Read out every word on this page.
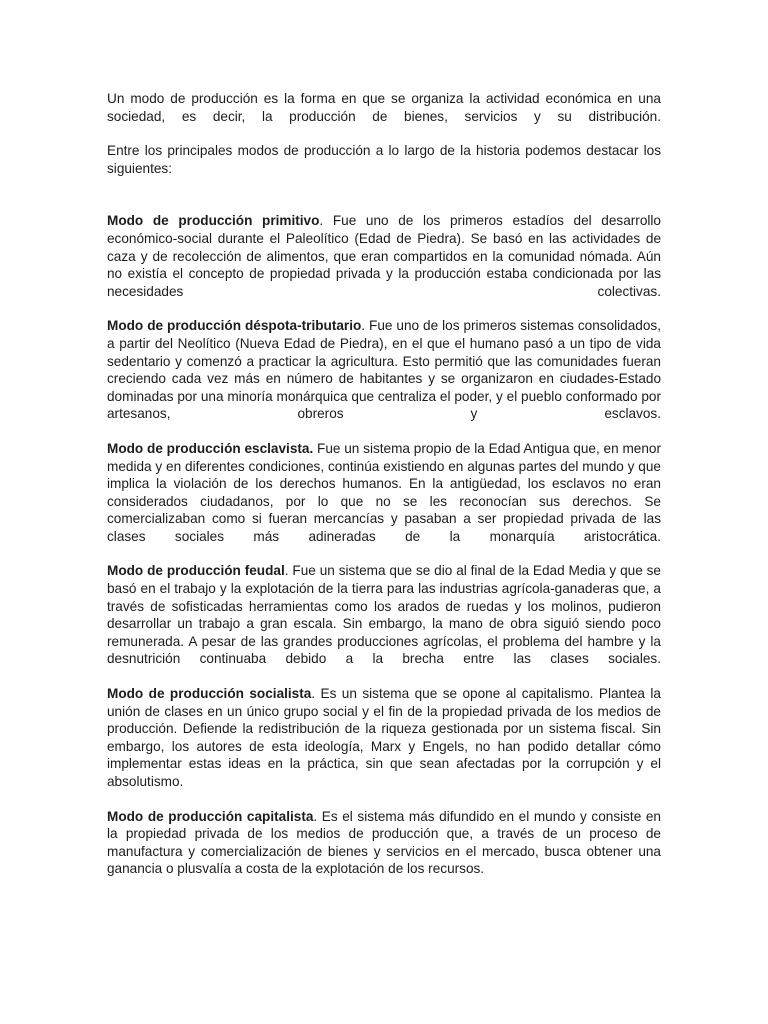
Un modo de producción es la forma en que se organiza la actividad económica en una sociedad, es decir, la producción de bienes, servicios y su distribución.

Entre los principales modos de producción a lo largo de la historia podemos destacar los siguientes:

Modo de producción primitivo. Fue uno de los primeros estadíos del desarrollo económico-social durante el Paleolítico (Edad de Piedra). Se basó en las actividades de caza y de recolección de alimentos, que eran compartidos en la comunidad nómada. Aún no existía el concepto de propiedad privada y la producción estaba condicionada por las necesidades colectivas.

Modo de producción déspota-tributario. Fue uno de los primeros sistemas consolidados, a partir del Neolítico (Nueva Edad de Piedra), en el que el humano pasó a un tipo de vida sedentario y comenzó a practicar la agricultura. Esto permitió que las comunidades fueran creciendo cada vez más en número de habitantes y se organizaron en ciudades-Estado dominadas por una minoría monárquica que centraliza el poder, y el pueblo conformado por artesanos, obreros y esclavos.

Modo de producción esclavista. Fue un sistema propio de la Edad Antigua que, en menor medida y en diferentes condiciones, continúa existiendo en algunas partes del mundo y que implica la violación de los derechos humanos. En la antigüedad, los esclavos no eran considerados ciudadanos, por lo que no se les reconocían sus derechos. Se comercializaban como si fueran mercancías y pasaban a ser propiedad privada de las clases sociales más adineradas de la monarquía aristocrática.

Modo de producción feudal. Fue un sistema que se dio al final de la Edad Media y que se basó en el trabajo y la explotación de la tierra para las industrias agrícola-ganaderas que, a través de sofisticadas herramientas como los arados de ruedas y los molinos, pudieron desarrollar un trabajo a gran escala. Sin embargo, la mano de obra siguió siendo poco remunerada. A pesar de las grandes producciones agrícolas, el problema del hambre y la desnutrición continuaba debido a la brecha entre las clases sociales.

Modo de producción socialista. Es un sistema que se opone al capitalismo. Plantea la unión de clases en un único grupo social y el fin de la propiedad privada de los medios de producción. Defiende la redistribución de la riqueza gestionada por un sistema fiscal. Sin embargo, los autores de esta ideología, Marx y Engels, no han podido detallar cómo implementar estas ideas en la práctica, sin que sean afectadas por la corrupción y el absolutismo.

Modo de producción capitalista. Es el sistema más difundido en el mundo y consiste en la propiedad privada de los medios de producción que, a través de un proceso de manufactura y comercialización de bienes y servicios en el mercado, busca obtener una ganancia o plusvalía a costa de la explotación de los recursos.
